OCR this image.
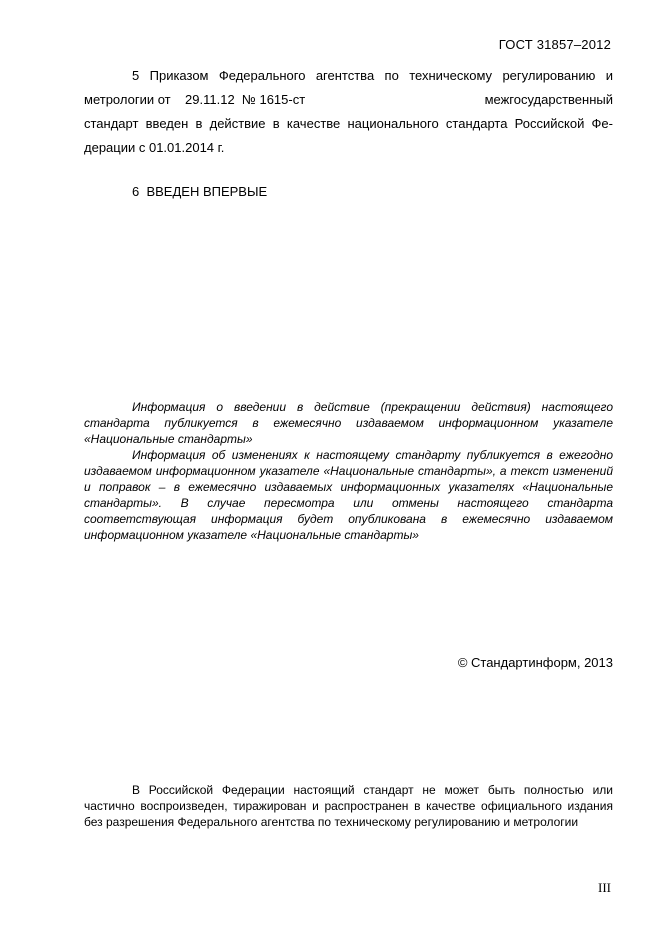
ГОСТ 31857–2012
5 Приказом Федерального агентства по техническому регулированию и
метрологии от    29.11.12  № 1615-ст	межгосударственный
стандарт введен в действие в качестве национального стандарта Российской Фе-
дерации с 01.01.2014 г.
6  ВВЕДЕН ВПЕРВЫЕ

Информация о введении в действие (прекращении действия) настоящего стандарта публикуется в ежемесячно издаваемом информационном указателе «Национальные стандарты»

Информация об изменениях к настоящему стандарту публикуется в ежегодно издаваемом информационном указателе «Национальные стандарты», а текст изменений и поправок – в ежемесячно издаваемых информационных указателях «Национальные стандарты». В случае пересмотра или отмены настоящего стандарта соответствующая информация будет опубликована в ежемесячно издаваемом информационном указателе «Национальные стандарты»

© Стандартинформ, 2013

В Российской Федерации настоящий стандарт не может быть полностью или частично воспроизведен, тиражирован и распространен в качестве официального издания без разрешения Федерального агентства по техническому регулированию и метрологии

III
